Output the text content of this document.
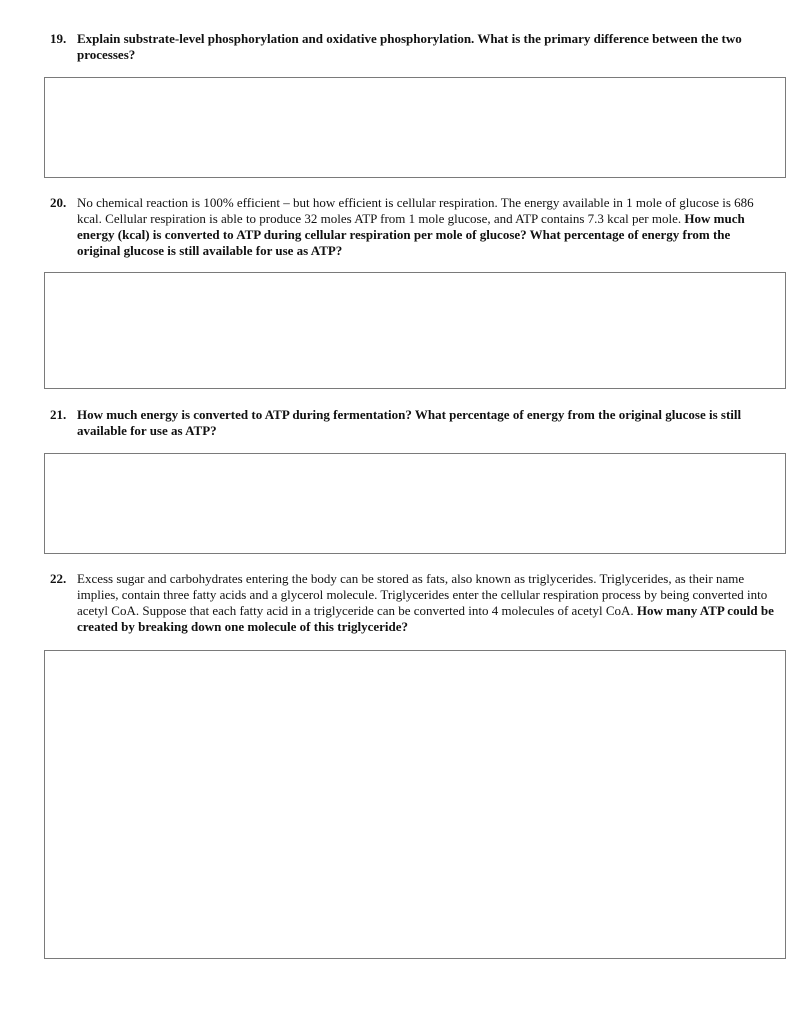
19. Explain substrate-level phosphorylation and oxidative phosphorylation. What is the primary difference between the two processes?
20. No chemical reaction is 100% efficient – but how efficient is cellular respiration. The energy available in 1 mole of glucose is 686 kcal. Cellular respiration is able to produce 32 moles ATP from 1 mole glucose, and ATP contains 7.3 kcal per mole. How much energy (kcal) is converted to ATP during cellular respiration per mole of glucose? What percentage of energy from the original glucose is still available for use as ATP?
21. How much energy is converted to ATP during fermentation? What percentage of energy from the original glucose is still available for use as ATP?
22. Excess sugar and carbohydrates entering the body can be stored as fats, also known as triglycerides. Triglycerides, as their name implies, contain three fatty acids and a glycerol molecule. Triglycerides enter the cellular respiration process by being converted into acetyl CoA. Suppose that each fatty acid in a triglyceride can be converted into 4 molecules of acetyl CoA. How many ATP could be created by breaking down one molecule of this triglyceride?
